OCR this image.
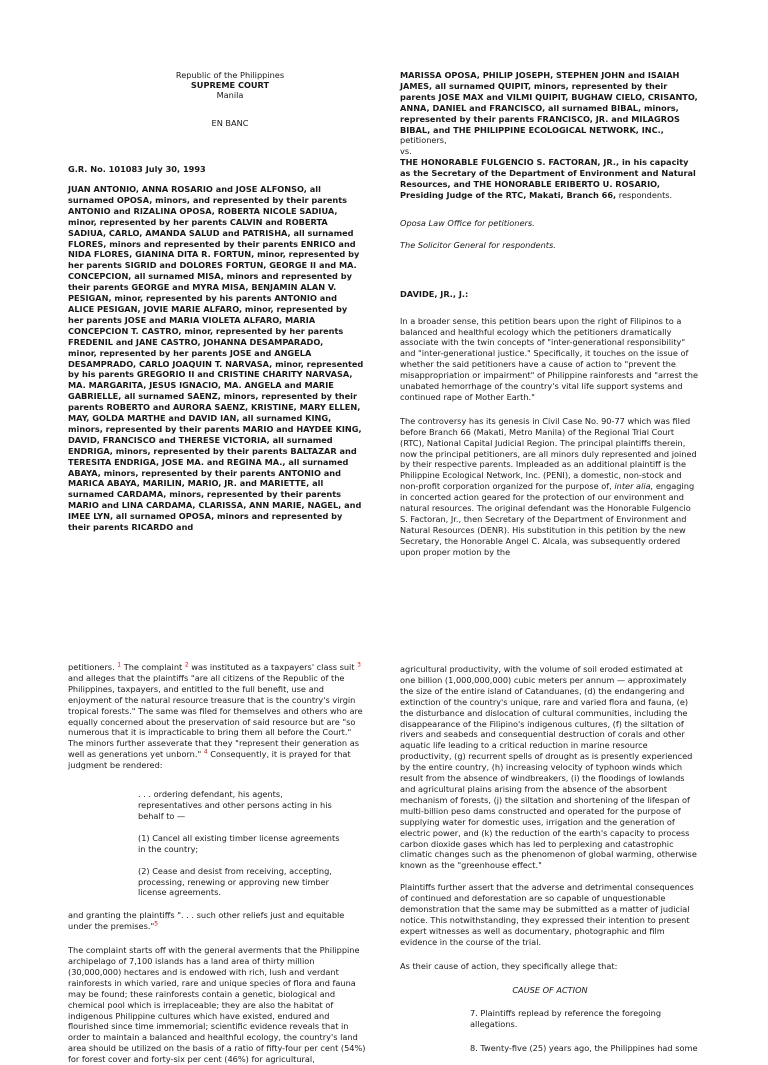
Republic of the Philippines
SUPREME COURT
Manila
EN BANC
G.R. No. 101083 July 30, 1993

JUAN ANTONIO, ANNA ROSARIO and JOSE ALFONSO, all surnamed OPOSA, minors, and represented by their parents ANTONIO and RIZALINA OPOSA, ROBERTA NICOLE SADIUA, minor, represented by her parents CALVIN and ROBERTA SADIUA, CARLO, AMANDA SALUD and PATRISHA, all surnamed FLORES, minors and represented by their parents ENRICO and NIDA FLORES, GIANINA DITA R. FORTUN, minor, represented by her parents SIGRID and DOLORES FORTUN, GEORGE II and MA. CONCEPCION, all surnamed MISA, minors and represented by their parents GEORGE and MYRA MISA, BENJAMIN ALAN V. PESIGAN, minor, represented by his parents ANTONIO and ALICE PESIGAN, JOVIE MARIE ALFARO, minor, represented by her parents JOSE and MARIA VIOLETA ALFARO, MARIA CONCEPCION T. CASTRO, minor, represented by her parents FREDENIL and JANE CASTRO, JOHANNA DESAMPARADO,

minor, represented by her parents JOSE and ANGELA DESAMPRADO, CARLO JOAQUIN T. NARVASA, minor, represented by his parents GREGORIO II and CRISTINE CHARITY NARVASA, MA. MARGARITA, JESUS IGNACIO, MA. ANGELA and MARIE GABRIELLE, all surnamed SAENZ, minors, represented by their parents ROBERTO and AURORA SAENZ, KRISTINE, MARY ELLEN, MAY, GOLDA MARTHE and DAVID IAN, all surnamed KING, minors, represented by their parents MARIO and HAYDEE KING, DAVID, FRANCISCO and THERESE VICTORIA, all surnamed ENDRIGA, minors, represented by their parents BALTAZAR and TERESITA ENDRIGA, JOSE MA. and REGINA MA., all surnamed ABAYA, minors, represented by their parents ANTONIO and MARICA ABAYA, MARILIN, MARIO, JR. and MARIETTE, all surnamed CARDAMA, minors, represented by their parents MARIO and LINA CARDAMA, CLARISSA, ANN MARIE, NAGEL, and IMEE LYN, all surnamed OPOSA, minors and represented by their parents RICARDO and

MARISSA OPOSA, PHILIP JOSEPH, STEPHEN JOHN and ISAIAH JAMES, all surnamed QUIPIT, minors, represented by their parents JOSE MAX and VILMI QUIPIT, BUGHAW CIELO, CRISANTO, ANNA, DANIEL and FRANCISCO, all surnamed BIBAL, minors, represented by their parents FRANCISCO, JR. and MILAGROS BIBAL, and THE PHILIPPINE ECOLOGICAL NETWORK, INC., petitioners,

vs.

THE HONORABLE FULGENCIO S. FACTORAN, JR., in his capacity as the Secretary of the Department of Environment and Natural Resources, and THE HONORABLE ERIBERTO U. ROSARIO, Presiding Judge of the RTC, Makati, Branch 66, respondents.

Oposa Law Office for petitioners.

The Solicitor General for respondents.

DAVIDE, JR., J.:

In a broader sense, this petition bears upon the right of Filipinos to a balanced and healthful ecology which the petitioners dramatically associate with the twin concepts of "inter-generational responsibility" and "inter-generational justice." Specifically, it touches on the issue of whether the said petitioners have a cause of action to "prevent the misappropriation or impairment" of Philippine rainforests and "arrest the unabated hemorrhage of the country's vital life support systems and continued rape of Mother Earth."

The controversy has its genesis in Civil Case No. 90-77 which was filed before Branch 66 (Makati, Metro Manila) of the Regional Trial Court (RTC), National Capital Judicial Region. The principal plaintiffs therein, now the principal petitioners, are all minors duly represented and joined by their respective parents. Impleaded as an additional plaintiff is the Philippine Ecological Network, Inc. (PENI), a domestic, non-stock and non-profit corporation organized for the purpose of, inter alia, engaging in concerted action geared for the protection of our environment and natural resources. The original defendant was the Honorable Fulgencio S. Factoran, Jr., then Secretary of the Department of Environment and Natural Resources (DENR). His substitution in this petition by the new Secretary, the Honorable Angel C. Alcala, was subsequently ordered upon proper motion by the

petitioners. $^1$ The complaint $^2$ was instituted as a taxpayers' class suit $^3$ and alleges that the plaintiffs "are all citizens of the Republic of the Philippines, taxpayers, and entitled to the full benefit, use and enjoyment of the natural resource treasure that is the country's virgin tropical forests." The same was filed for themselves and others who are equally concerned about the preservation of said resource but are "so numerous that it is impracticable to bring them all before the Court." The minors further asseverate that they "represent their generation as well as generations yet unborn." $^4$ Consequently, it is prayed for that judgment be rendered:

. . . ordering defendant, his agents, representatives and other persons acting in his behalf to —

(1) Cancel all existing timber license agreements in the country;

(2) Cease and desist from receiving, accepting, processing, renewing or approving new timber license agreements.

and granting the plaintiffs ". . . such other reliefs just and equitable under the premises."$^5$

The complaint starts off with the general averments that the Philippine archipelago of 7,100 islands has a land area of thirty million (30,000,000) hectares and is endowed with rich, lush and verdant rainforests in which varied, rare and unique species of flora and fauna may be found; these rainforests contain a genetic, biological and chemical pool which is irreplaceable; they are also the habitat of indigenous Philippine cultures which have existed, endured and flourished since time immemorial; scientific evidence reveals that in order to maintain a balanced and healthful ecology, the country's land area should be utilized on the basis of a ratio of fifty-four per cent (54%) for forest cover and forty-six per cent (46%) for agricultural,

agricultural productivity, with the volume of soil eroded estimated at one billion (1,000,000,000) cubic meters per annum — approximately the size of the entire island of Catanduanes, (d) the endangering and extinction of the country's unique, rare and varied flora and fauna, (e) the disturbance and dislocation of cultural communities, including the disappearance of the Filipino's indigenous cultures, (f) the siltation of rivers and seabeds and consequential destruction of corals and other aquatic life leading to a critical reduction in marine resource productivity, (g) recurrent spells of drought as is presently experienced by the entire country, (h) increasing velocity of typhoon winds which result from the absence of windbreakers, (i) the floodings of lowlands and agricultural plains arising from the absence of the absorbent mechanism of forests, (j) the siltation and shortening of the lifespan of multi-billion peso dams constructed and operated for the purpose of supplying water for domestic uses, irrigation and the generation of electric power, and (k) the reduction of the earth's capacity to process carbon dioxide gases which has led to perplexing and catastrophic climatic changes such as the phenomenon of global warming, otherwise known as the "greenhouse effect."

Plaintiffs further assert that the adverse and detrimental consequences of continued and deforestation are so capable of unquestionable demonstration that the same may be submitted as a matter of judicial notice. This notwithstanding, they expressed their intention to present expert witnesses as well as documentary, photographic and film evidence in the course of the trial.

As their cause of action, they specifically allege that:

CAUSE OF ACTION

7. Plaintiffs replead by reference the foregoing allegations.

8. Twenty-five (25) years ago, the Philippines had some
